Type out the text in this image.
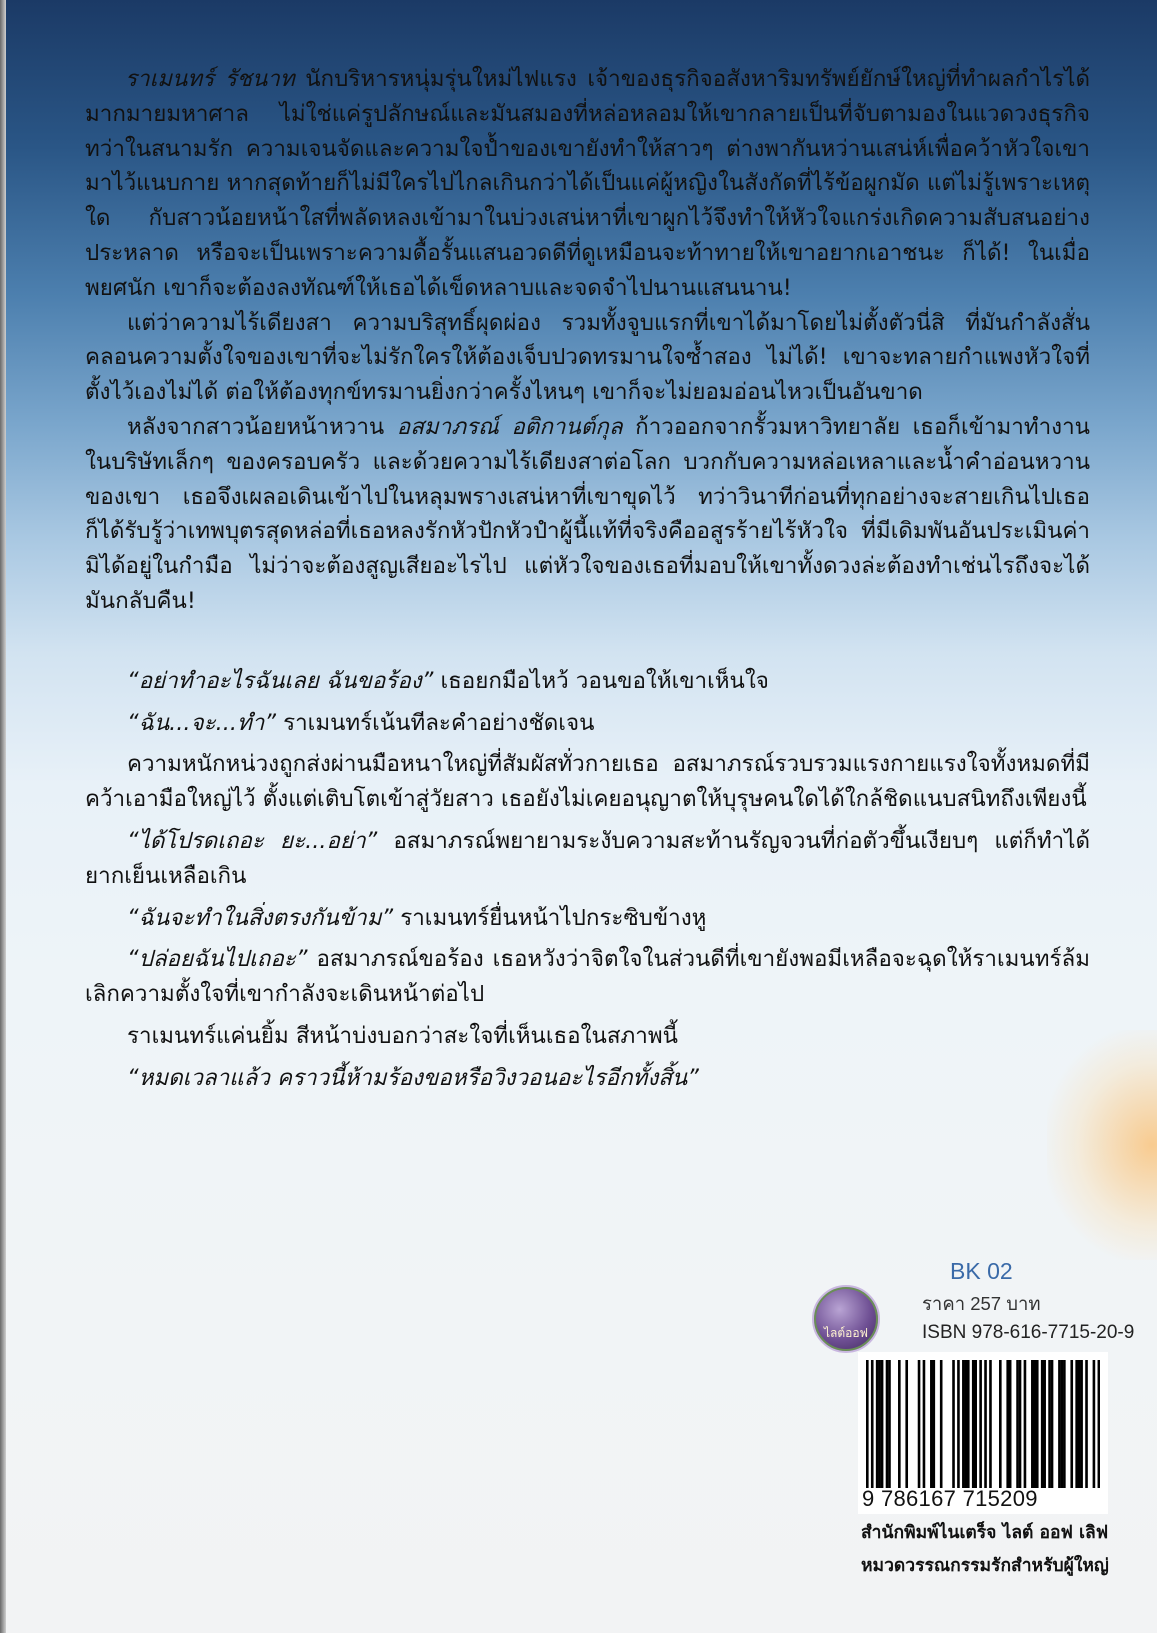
ราเมนทร์ รัชนาท นักบริหารหนุ่มรุ่นใหม่ไฟแรง เจ้าของธุรกิจอสังหาริมทรัพย์ยักษ์ใหญ่ที่ทำผลกำไรได้มากมายมหาศาล ไม่ใช่แค่รูปลักษณ์และมันสมองที่หล่อหลอมให้เขากลายเป็นที่จับตามองในแวดวงธุรกิจ ทว่าในสนามรัก ความเจนจัดและความใจป้ำของเขายังทำให้สาวๆ ต่างพากันหว่านเสน่ห์เพื่อคว้าหัวใจเขามาไว้แนบกาย หากสุดท้ายก็ไม่มีใครไปไกลเกินกว่าได้เป็นแค่ผู้หญิงในสังกัดที่ไร้ข้อผูกมัด แต่ไม่รู้เพราะเหตุใด กับสาวน้อยหน้าใสที่พลัดหลงเข้ามาในบ่วงเสน่หาที่เขาผูกไว้จึงทำให้หัวใจแกร่งเกิดความสับสนอย่างประหลาด หรือจะเป็นเพราะความดื้อรั้นแสนอวดดีที่ดูเหมือนจะท้าทายให้เขาอยากเอาชนะ ก็ได้! ในเมื่อพยศนัก เขาก็จะต้องลงทัณฑ์ให้เธอได้เข็ดหลาบและจดจำไปนานแสนนาน!

แต่ว่าความไร้เดียงสา ความบริสุทธิ์ผุดผ่อง รวมทั้งจูบแรกที่เขาได้มาโดยไม่ตั้งตัวนี่สิ ที่มันกำลังสั่นคลอนความตั้งใจของเขาที่จะไม่รักใครให้ต้องเจ็บปวดทรมานใจซ้ำสอง ไม่ได้! เขาจะทลายกำแพงหัวใจที่ตั้งไว้เองไม่ได้ ต่อให้ต้องทุกข์ทรมานยิ่งกว่าครั้งไหนๆ เขาก็จะไม่ยอมอ่อนไหวเป็นอันขาด

หลังจากสาวน้อยหน้าหวาน อสมาภรณ์ อติกานต์กุล ก้าวออกจากรั้วมหาวิทยาลัย เธอก็เข้ามาทำงานในบริษัทเล็กๆ ของครอบครัว และด้วยความไร้เดียงสาต่อโลก บวกกับความหล่อเหลาและน้ำคำอ่อนหวานของเขา เธอจึงเผลอเดินเข้าไปในหลุมพรางเสน่หาที่เขาขุดไว้ ทว่าวินาทีก่อนที่ทุกอย่างจะสายเกินไปเธอก็ได้รับรู้ว่าเทพบุตรสุดหล่อที่เธอหลงรักหัวปักหัวปำผู้นี้แท้ที่จริงคืออสูรร้ายไร้หัวใจ ที่มีเดิมพันอันประเมินค่ามิได้อยู่ในกำมือ ไม่ว่าจะต้องสูญเสียอะไรไป แต่หัวใจของเธอที่มอบให้เขาทั้งดวงล่ะต้องทำเช่นไรถึงจะได้มันกลับคืน!

“อย่าทำอะไรฉันเลย ฉันขอร้อง” เธอยกมือไหว้ วอนขอให้เขาเห็นใจ

“ฉัน...จะ...ทำ” ราเมนทร์เน้นทีละคำอย่างชัดเจน

ความหนักหน่วงถูกส่งผ่านมือหนาใหญ่ที่สัมผัสทั่วกายเธอ อสมาภรณ์รวบรวมแรงกายแรงใจทั้งหมดที่มีคว้าเอามือใหญ่ไว้ ตั้งแต่เติบโตเข้าสู่วัยสาว เธอยังไม่เคยอนุญาตให้บุรุษคนใดได้ใกล้ชิดแนบสนิทถึงเพียงนี้

“ได้โปรดเถอะ ยะ...อย่า” อสมาภรณ์พยายามระงับความสะท้านรัญจวนที่ก่อตัวขึ้นเงียบๆ แต่ก็ทำได้ยากเย็นเหลือเกิน

“ฉันจะทำในสิ่งตรงกันข้าม” ราเมนทร์ยื่นหน้าไปกระซิบข้างหู

“ปล่อยฉันไปเถอะ” อสมาภรณ์ขอร้อง เธอหวังว่าจิตใจในส่วนดีที่เขายังพอมีเหลือจะฉุดให้ราเมนทร์ล้มเลิกความตั้งใจที่เขากำลังจะเดินหน้าต่อไป

ราเมนทร์แค่นยิ้ม สีหน้าบ่งบอกว่าสะใจที่เห็นเธอในสภาพนี้

“หมดเวลาแล้ว คราวนี้ห้ามร้องขอหรือวิงวอนอะไรอีกทั้งสิ้น”

ไลต์ออฟ
BK 02
ราคา 257 บาท
ISBN 978-616-7715-20-9
9 786167 715209
สำนักพิมพ์ไนเตร็จ ไลต์ ออฟ เลิฟ
หมวดวรรณกรรมรักสำหรับผู้ใหญ่
